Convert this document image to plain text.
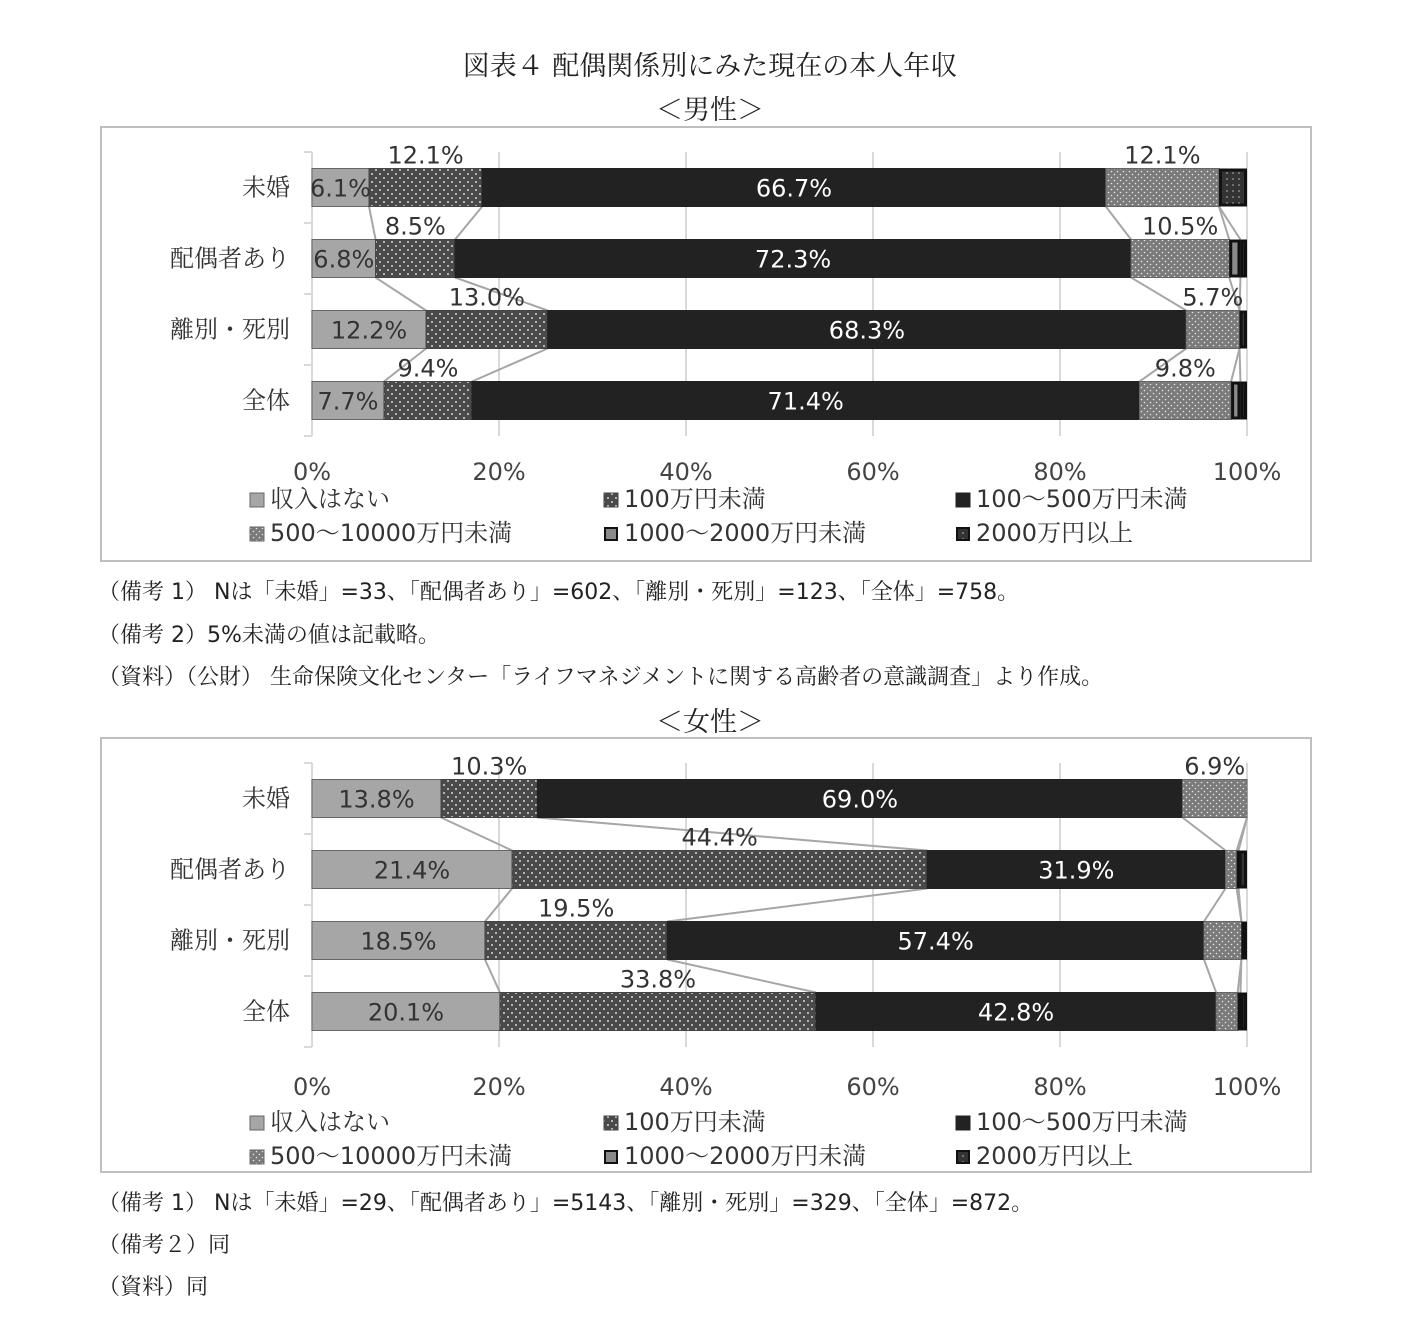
図表４ 配偶関係別にみた現在の本人年収
＜男性＞
未婚
配偶者あり
離別・死別
全体
6.1%
12.1%
66.7%
12.1%
6.8%
8.5%
72.3%
10.5%
12.2%
13.0%
68.3%
5.7%
7.7%
9.4%
71.4%
9.8%
0%	20%	40%	60%	80%	100%
収入はない	100万円未満	100～500万円未満
500～10000万円未満	1000～2000万円未満	2000万円以上
（備考 1） Nは「未婚」=33、「配偶者あり」=602、「離別・死別」=123、「全体」=758。
（備考 2）5%未満の値は記載略。
（資料）（公財） 生命保険文化センター「ライフマネジメントに関する高齢者の意識調査」より作成。
＜女性＞
未婚
配偶者あり
離別・死別
全体
13.8%
10.3%
69.0%
6.9%
21.4%
44.4%
31.9%
18.5%
19.5%
57.4%
20.1%
33.8%
42.8%
0%	20%	40%	60%	80%	100%
収入はない	100万円未満	100～500万円未満
500～10000万円未満	1000～2000万円未満	2000万円以上
（備考 1） Nは「未婚」=29、「配偶者あり」=5143、「離別・死別」=329、「全体」=872。
（備考２）同
（資料）同
